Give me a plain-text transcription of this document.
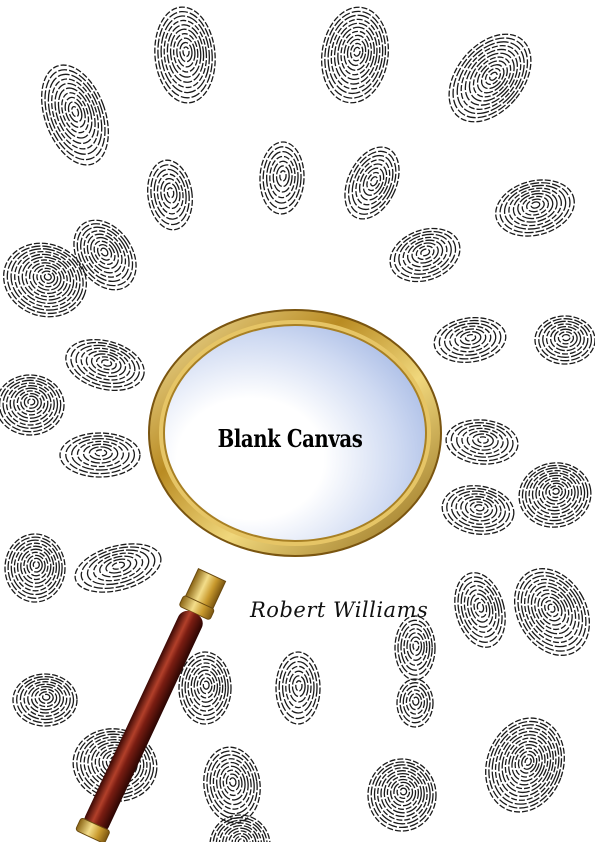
Blank Canvas
Robert Williams
